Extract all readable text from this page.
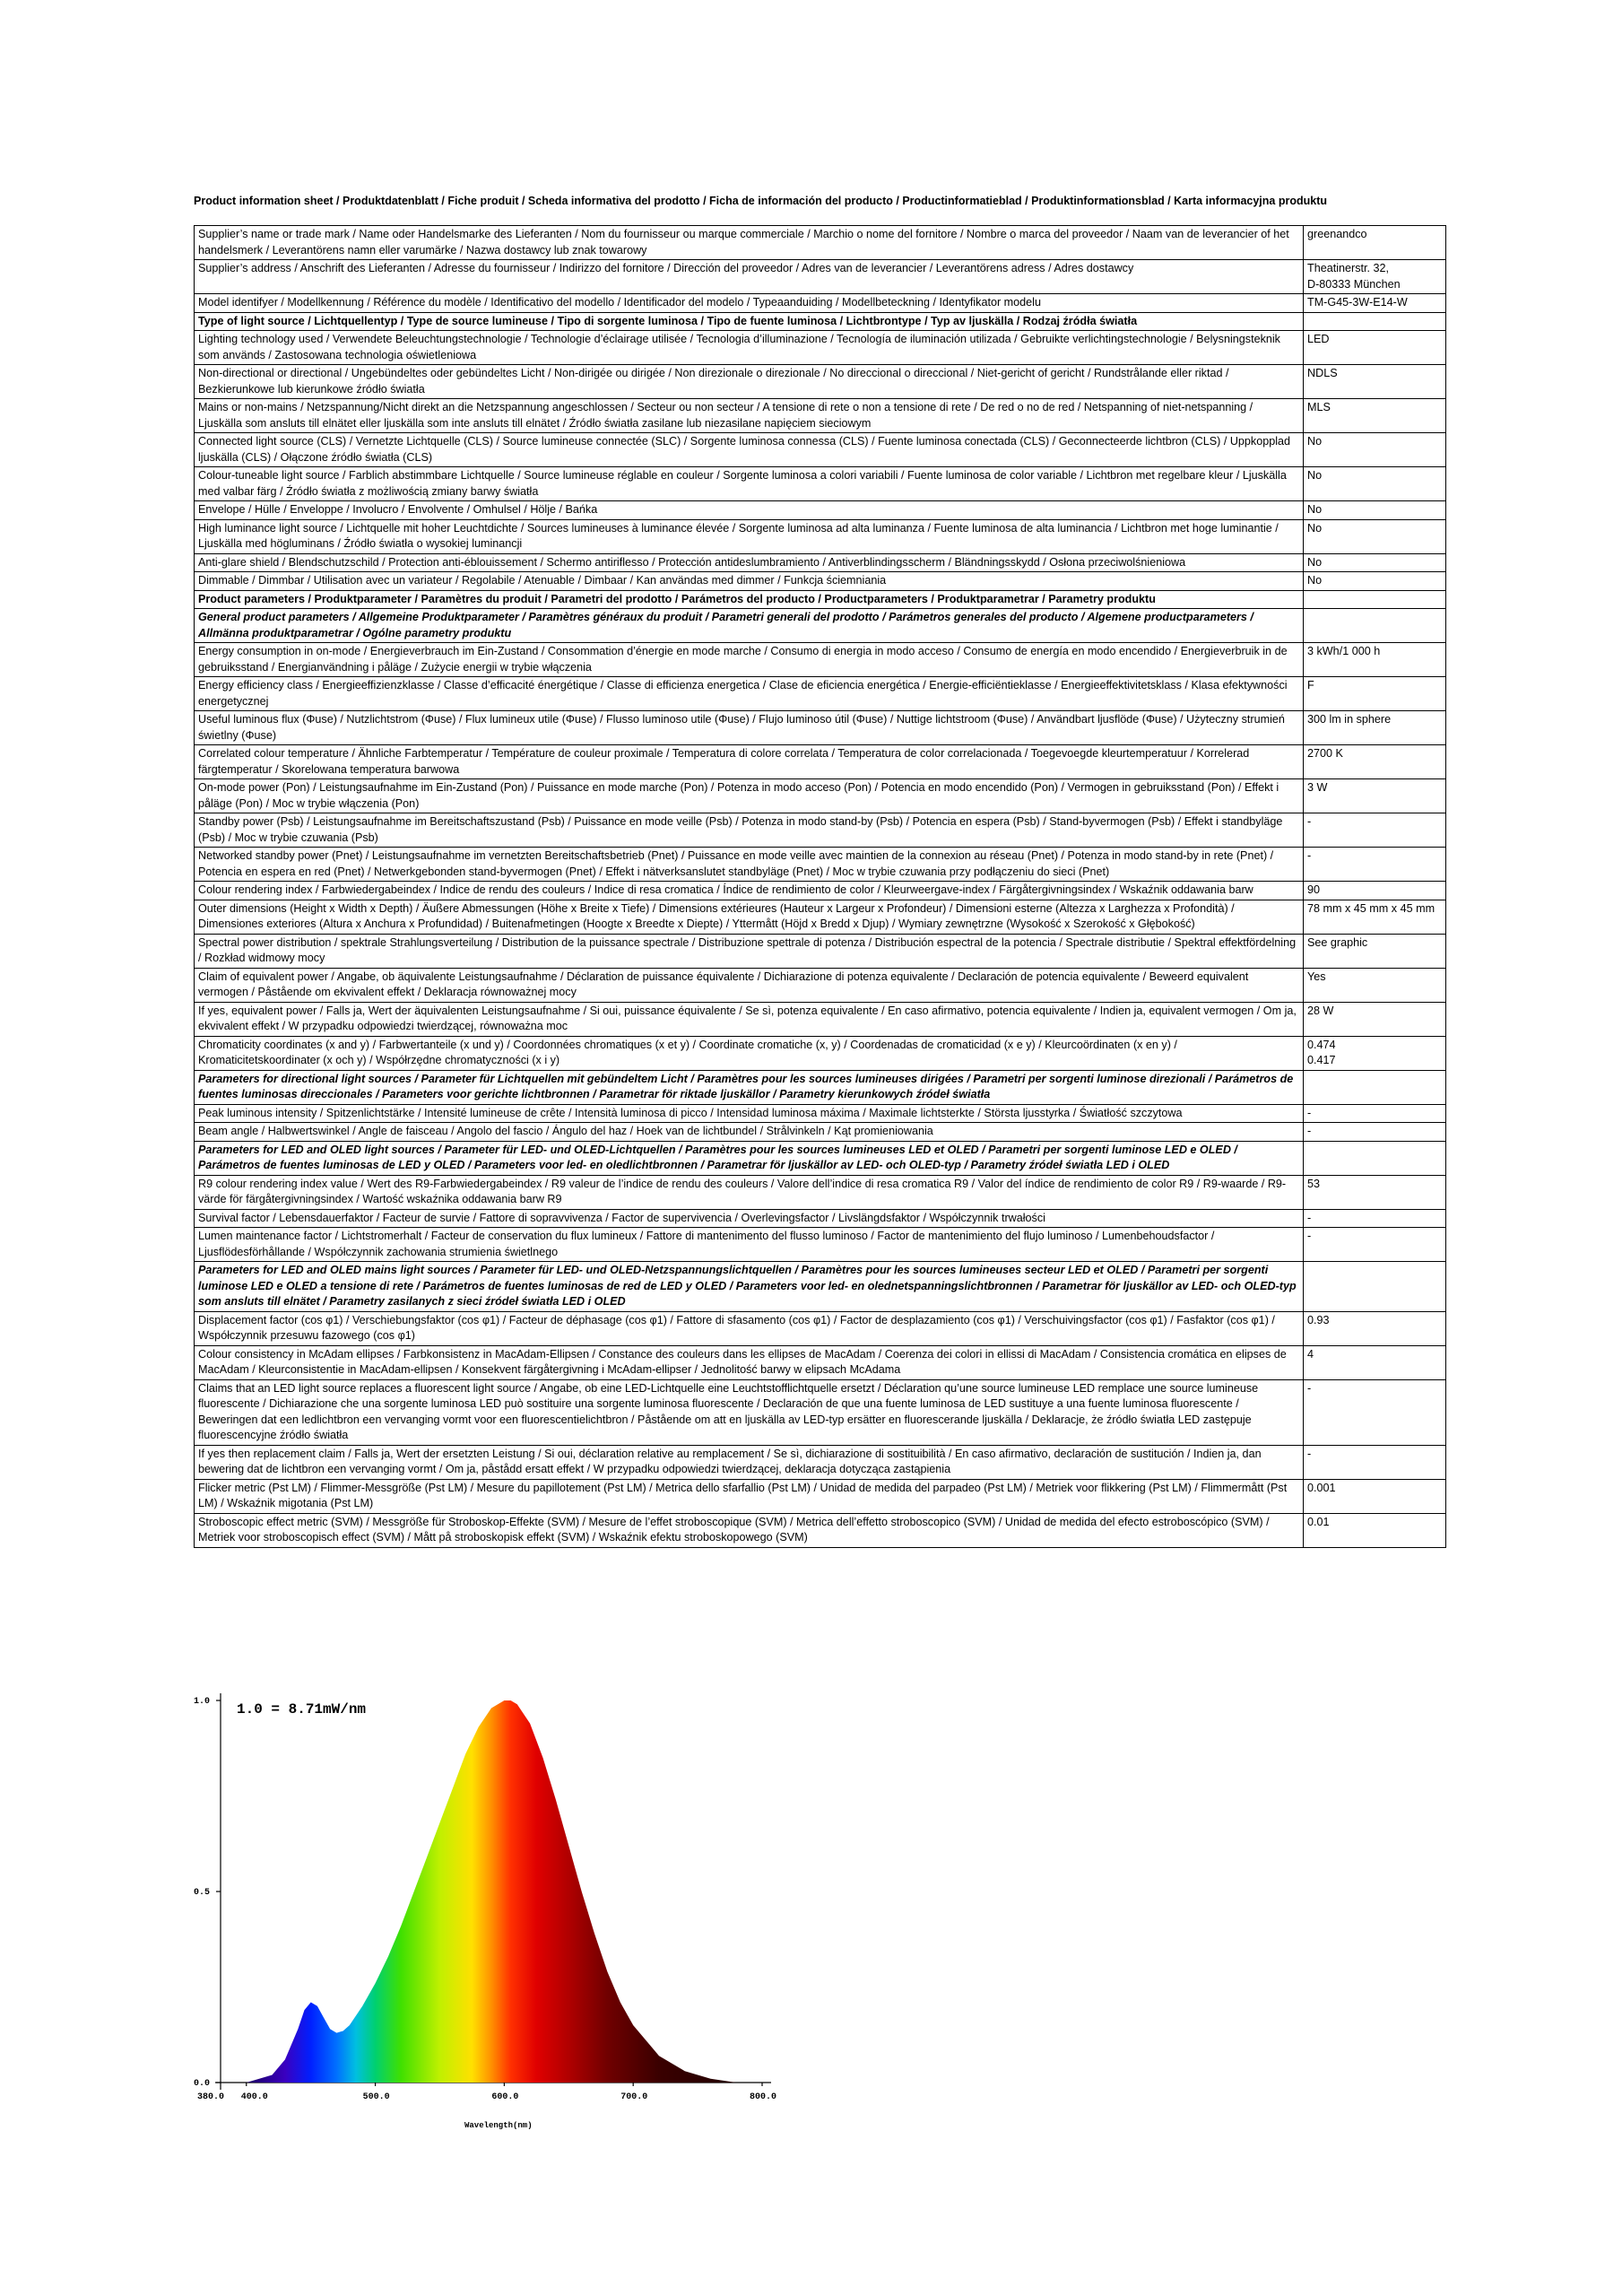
Product information sheet / Produktdatenblatt / Fiche produit / Scheda informativa del prodotto / Ficha de información del producto / Productinformatieblad / Produktinformationsblad / Karta informacyjna produktu
Supplier’s name or trade mark / Name oder Handelsmarke des Lieferanten / Nom du fournisseur ou marque commerciale / Marchio o nome del fornitore / Nombre o marca del proveedor / Naam van de leverancier of het handelsmerk / Leverantörens namn eller varumärke / Nazwa dostawcy lub znak towarowy	greenandco

Supplier’s address / Anschrift des Lieferanten / Adresse du fournisseur / Indirizzo del fornitore / Dirección del proveedor / Adres van de leverancier / Leverantörens adress / Adres dostawcy	Theatinerstr. 32,
D-80333 München

Model identifyer / Modellkennung / Référence du modèle / Identificativo del modello / Identificador del modelo / Typeaanduiding / Modellbeteckning / Identyfikator modelu	TM-G45-3W-E14-W

Type of light source / Lichtquellentyp / Type de source lumineuse / Tipo di sorgente luminosa / Tipo de fuente luminosa / Lichtbrontype / Typ av ljuskälla / Rodzaj źródła światła	

Lighting technology used / Verwendete Beleuchtungstechnologie / Technologie d’éclairage utilisée / Tecnologia d’illuminazione / Tecnología de iluminación utilizada / Gebruikte verlichtingstechnologie / Belysningsteknik som används / Zastosowana technologia oświetleniowa	LED

Non-directional or directional / Ungebündeltes oder gebündeltes Licht / Non-dirigée ou dirigée / Non direzionale o direzionale / No direccional o direccional / Niet-gericht of gericht / Rundstrålande eller riktad / Bezkierunkowe lub kierunkowe źródło światła	NDLS

Mains or non-mains / Netzspannung/Nicht direkt an die Netzspannung angeschlossen / Secteur ou non secteur / A tensione di rete o non a tensione di rete / De red o no de red / Netspanning of niet-netspanning / Ljuskälla som ansluts till elnätet eller ljuskälla som inte ansluts till elnätet / Źródło światła zasilane lub niezasilane napięciem sieciowym	MLS

Connected light source (CLS) / Vernetzte Lichtquelle (CLS) / Source lumineuse connectée (SLC) / Sorgente luminosa connessa (CLS) / Fuente luminosa conectada (CLS) / Geconnecteerde lichtbron (CLS) / Uppkopplad ljuskälla (CLS) / Ołączone źródło światła (CLS)	No

Colour-tuneable light source / Farblich abstimmbare Lichtquelle / Source lumineuse réglable en couleur / Sorgente luminosa a colori variabili / Fuente luminosa de color variable / Lichtbron met regelbare kleur / Ljuskälla med valbar färg / Źródło światła z możliwością zmiany barwy światła	No

Envelope / Hülle / Enveloppe / Involucro / Envolvente / Omhulsel / Hölje / Bańka	No

High luminance light source / Lichtquelle mit hoher Leuchtdichte / Sources lumineuses à luminance élevée / Sorgente luminosa ad alta luminanza / Fuente luminosa de alta luminancia / Lichtbron met hoge luminantie / Ljuskälla med högluminans / Źródło światła o wysokiej luminancji	No

Anti-glare shield / Blendschutzschild / Protection anti-éblouissement / Schermo antiriflesso / Protección antideslumbramiento / Antiverblindingsscherm / Bländningsskydd / Osłona przeciwolśnieniowa	No

Dimmable / Dimmbar / Utilisation avec un variateur / Regolabile / Atenuable / Dimbaar / Kan användas med dimmer / Funkcja ściemniania	No

Product parameters / Produktparameter / Paramètres du produit / Parametri del prodotto / Parámetros del producto / Productparameters / Produktparametrar / Parametry produktu	

General product parameters / Allgemeine Produktparameter / Paramètres généraux du produit / Parametri generali del prodotto / Parámetros generales del producto / Algemene productparameters / Allmänna produktparametrar / Ogólne parametry produktu	

Energy consumption in on-mode / Energieverbrauch im Ein-Zustand / Consommation d’énergie en mode marche / Consumo di energia in modo acceso / Consumo de energía en modo encendido / Energieverbruik in de gebruiksstand / Energianvändning i påläge / Zużycie energii w trybie włączenia	3 kWh/1 000 h

Energy efficiency class / Energieeffizienzklasse / Classe d’efficacité énergétique / Classe di efficienza energetica / Clase de eficiencia energética / Energie-efficiëntieklasse / Energieeffektivitetsklass / Klasa efektywności energetycznej	F

Useful luminous flux (Φuse) / Nutzlichtstrom (Φuse) / Flux lumineux utile (Φuse) / Flusso luminoso utile (Φuse) / Flujo luminoso útil (Φuse) / Nuttige lichtstroom (Φuse) / Användbart ljusflöde (Φuse) / Użyteczny strumień świetlny (Φuse)	300 lm in sphere

Correlated colour temperature / Ähnliche Farbtemperatur / Température de couleur proximale / Temperatura di colore correlata / Temperatura de color correlacionada / Toegevoegde kleurtemperatuur / Korrelerad färgtemperatur / Skorelowana temperatura barwowa	2700 K

On-mode power (Pon) / Leistungsaufnahme im Ein-Zustand (Pon) / Puissance en mode marche (Pon) / Potenza in modo acceso (Pon) / Potencia en modo encendido (Pon) / Vermogen in gebruiksstand (Pon) / Effekt i påläge (Pon) / Moc w trybie włączenia (Pon)	3 W

Standby power (Psb) / Leistungsaufnahme im Bereitschaftszustand (Psb) / Puissance en mode veille (Psb) / Potenza in modo stand-by (Psb) / Potencia en espera (Psb) / Stand-byvermogen (Psb) / Effekt i standbyläge (Psb) / Moc w trybie czuwania (Psb)	-

Networked standby power (Pnet) / Leistungsaufnahme im vernetzten Bereitschaftsbetrieb (Pnet) / Puissance en mode veille avec maintien de la connexion au réseau (Pnet) / Potenza in modo stand-by in rete (Pnet) / Potencia en espera en red (Pnet) / Netwerkgebonden stand-byvermogen (Pnet) / Effekt i nätverksanslutet standbyläge (Pnet) / Moc w trybie czuwania przy podłączeniu do sieci (Pnet)	-

Colour rendering index / Farbwiedergabeindex / Indice de rendu des couleurs / Indice di resa cromatica / Índice de rendimiento de color / Kleurweergave-index / Färgåtergivningsindex / Wskaźnik oddawania barw	90

Outer dimensions (Height x Width x Depth) / Äußere Abmessungen (Höhe x Breite x Tiefe) / Dimensions extérieures (Hauteur x Largeur x Profondeur) / Dimensioni esterne (Altezza x Larghezza x Profondità) / Dimensiones exteriores (Altura x Anchura x Profundidad) / Buitenafmetingen (Hoogte x Breedte x Diepte) / Yttermått (Höjd x Bredd x Djup) / Wymiary zewnętrzne (Wysokość x Szerokość x Głębokość)	78 mm x 45 mm x 45 mm

Spectral power distribution / spektrale Strahlungsverteilung / Distribution de la puissance spectrale / Distribuzione spettrale di potenza / Distribución espectral de la potencia / Spectrale distributie / Spektral effektfördelning / Rozkład widmowy mocy	See graphic

Claim of equivalent power / Angabe, ob äquivalente Leistungsaufnahme / Déclaration de puissance équivalente / Dichiarazione di potenza equivalente / Declaración de potencia equivalente / Beweerd equivalent vermogen / Påstående om ekvivalent effekt / Deklaracja równoważnej mocy	Yes

If yes, equivalent power / Falls ja, Wert der äquivalenten Leistungsaufnahme / Si oui, puissance équivalente / Se sì, potenza equivalente / En caso afirmativo, potencia equivalente / Indien ja, equivalent vermogen / Om ja, ekvivalent effekt / W przypadku odpowiedzi twierdzącej, równoważna moc	28 W

Chromaticity coordinates (x and y) / Farbwertanteile (x und y) / Coordonnées chromatiques (x et y) / Coordinate cromatiche (x, y) / Coordenadas de cromaticidad (x e y) / Kleurcoördinaten (x en y) / Kromaticitetskoordinater (x och y) / Współrzędne chromatyczności (x i y)	0.474
0.417

Parameters for directional light sources / Parameter für Lichtquellen mit gebündeltem Licht / Paramètres pour les sources lumineuses dirigées / Parametri per sorgenti luminose direzionali / Parámetros de fuentes luminosas direccionales / Parameters voor gerichte lichtbronnen / Parametrar för riktade ljuskällor / Parametry kierunkowych źródeł światła	

Peak luminous intensity / Spitzenlichtstärke / Intensité lumineuse de crête / Intensità luminosa di picco / Intensidad luminosa máxima / Maximale lichtsterkte / Största ljusstyrka / Światłość szczytowa	-

Beam angle / Halbwertswinkel / Angle de faisceau / Angolo del fascio / Ángulo del haz / Hoek van de lichtbundel / Strålvinkeln / Kąt promieniowania	-

Parameters for LED and OLED light sources / Parameter für LED- und OLED-Lichtquellen / Paramètres pour les sources lumineuses LED et OLED / Parametri per sorgenti luminose LED e OLED / Parámetros de fuentes luminosas de LED y OLED / Parameters voor led- en oledlichtbronnen / Parametrar för ljuskällor av LED- och OLED-typ / Parametry źródeł światła LED i OLED	

R9 colour rendering index value / Wert des R9-Farbwiedergabeindex / R9 valeur de l’indice de rendu des couleurs / Valore dell’indice di resa cromatica R9 / Valor del índice de rendimiento de color R9 / R9-waarde / R9-värde för färgåtergivningsindex / Wartość wskaźnika oddawania barw R9	53

Survival factor / Lebensdauerfaktor / Facteur de survie / Fattore di sopravvivenza / Factor de supervivencia / Overlevingsfactor / Livslängdsfaktor / Współczynnik trwałości	-

Lumen maintenance factor / Lichtstromerhalt / Facteur de conservation du flux lumineux / Fattore di mantenimento del flusso luminoso / Factor de mantenimiento del flujo luminoso / Lumenbehoudsfactor / Ljusflödesförhållande / Współczynnik zachowania strumienia świetlnego	-

Parameters for LED and OLED mains light sources / Parameter für LED- und OLED-Netzspannungslichtquellen / Paramètres pour les sources lumineuses secteur LED et OLED / Parametri per sorgenti luminose LED e OLED a tensione di rete / Parámetros de fuentes luminosas de red de LED y OLED / Parameters voor led- en olednetspanningslichtbronnen / Parametrar för ljuskällor av LED- och OLED-typ som ansluts till elnätet / Parametry zasilanych z sieci źródeł światła LED i OLED	

Displacement factor (cos φ1) / Verschiebungsfaktor (cos φ1) / Facteur de déphasage (cos φ1) / Fattore di sfasamento (cos φ1) / Factor de desplazamiento (cos φ1) / Verschuivingsfactor (cos φ1) / Fasfaktor (cos φ1) / Współczynnik przesuwu fazowego (cos φ1)	0.93

Colour consistency in McAdam ellipses / Farbkonsistenz in MacAdam-Ellipsen / Constance des couleurs dans les ellipses de MacAdam / Coerenza dei colori in ellissi di MacAdam / Consistencia cromática en elipses de MacAdam / Kleurconsistentie in MacAdam-ellipsen / Konsekvent färgåtergivning i McAdam-ellipser / Jednolitość barwy w elipsach McAdama	4

Claims that an LED light source replaces a fluorescent light source / Angabe, ob eine LED-Lichtquelle eine Leuchtstofflichtquelle ersetzt / Déclaration qu’une source lumineuse LED remplace une source lumineuse fluorescente / Dichiarazione che una sorgente luminosa LED può sostituire una sorgente luminosa fluorescente / Declaración de que una fuente luminosa de LED sustituye a una fuente luminosa fluorescente / Beweringen dat een ledlichtbron een vervanging vormt voor een fluorescentielichtbron / Påstående om att en ljuskälla av LED-typ ersätter en fluorescerande ljuskälla / Deklaracje, że źródło światła LED zastępuje fluorescencyjne źródło światła	-

If yes then replacement claim / Falls ja, Wert der ersetzten Leistung / Si oui, déclaration relative au remplacement / Se sì, dichiarazione di sostituibilità / En caso afirmativo, declaración de sustitución / Indien ja, dan bewering dat de lichtbron een vervanging vormt / Om ja, påstådd ersatt effekt / W przypadku odpowiedzi twierdzącej, deklaracja dotycząca zastąpienia	-

Flicker metric (Pst LM) / Flimmer-Messgröße (Pst LM) / Mesure du papillotement (Pst LM) / Metrica dello sfarfallio (Pst LM) / Unidad de medida del parpadeo (Pst LM) / Metriek voor flikkering (Pst LM) / Flimmermått (Pst LM) / Wskaźnik migotania (Pst LM)	0.001

Stroboscopic effect metric (SVM) / Messgröße für Stroboskop-Effekte (SVM) / Mesure de l’effet stroboscopique (SVM) / Metrica dell’effetto stroboscopico (SVM) / Unidad de medida del efecto estroboscópico (SVM) / Metriek voor stroboscopisch effect (SVM) / Mått på stroboskopisk effekt (SVM) / Wskaźnik efektu stroboskopowego (SVM)	0.01
380.0 400.0	500.0	600.0	700.0	800.0
0.0
0.5
1.0 1.0 = 8.71mW/nm
Wavelength(nm)
